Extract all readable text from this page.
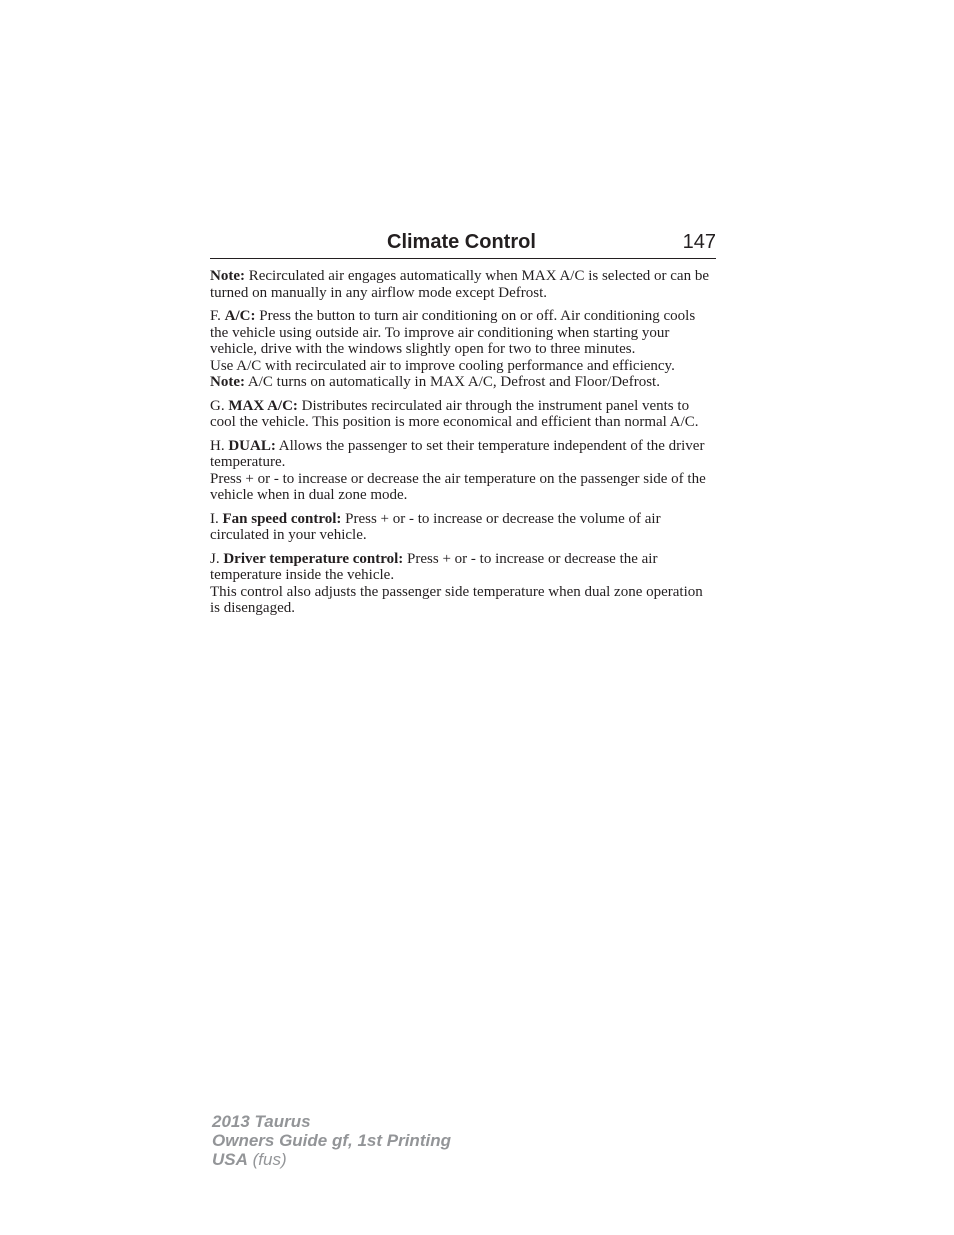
Climate Control	147

Note: Recirculated air engages automatically when MAX A/C is selected or can be turned on manually in any airflow mode except Defrost.

F. A/C: Press the button to turn air conditioning on or off. Air conditioning cools the vehicle using outside air. To improve air conditioning when starting your vehicle, drive with the windows slightly open for two to three minutes.

Use A/C with recirculated air to improve cooling performance and efficiency.

Note: A/C turns on automatically in MAX A/C, Defrost and Floor/Defrost.

G. MAX A/C: Distributes recirculated air through the instrument panel vents to cool the vehicle. This position is more economical and efficient than normal A/C.

H. DUAL: Allows the passenger to set their temperature independent of the driver temperature.

Press + or - to increase or decrease the air temperature on the passenger side of the vehicle when in dual zone mode.

I. Fan speed control: Press + or - to increase or decrease the volume of air circulated in your vehicle.

J. Driver temperature control: Press + or - to increase or decrease the air temperature inside the vehicle.

This control also adjusts the passenger side temperature when dual zone operation is disengaged.

2013 Taurus
Owners Guide gf, 1st Printing
USA (fus)
